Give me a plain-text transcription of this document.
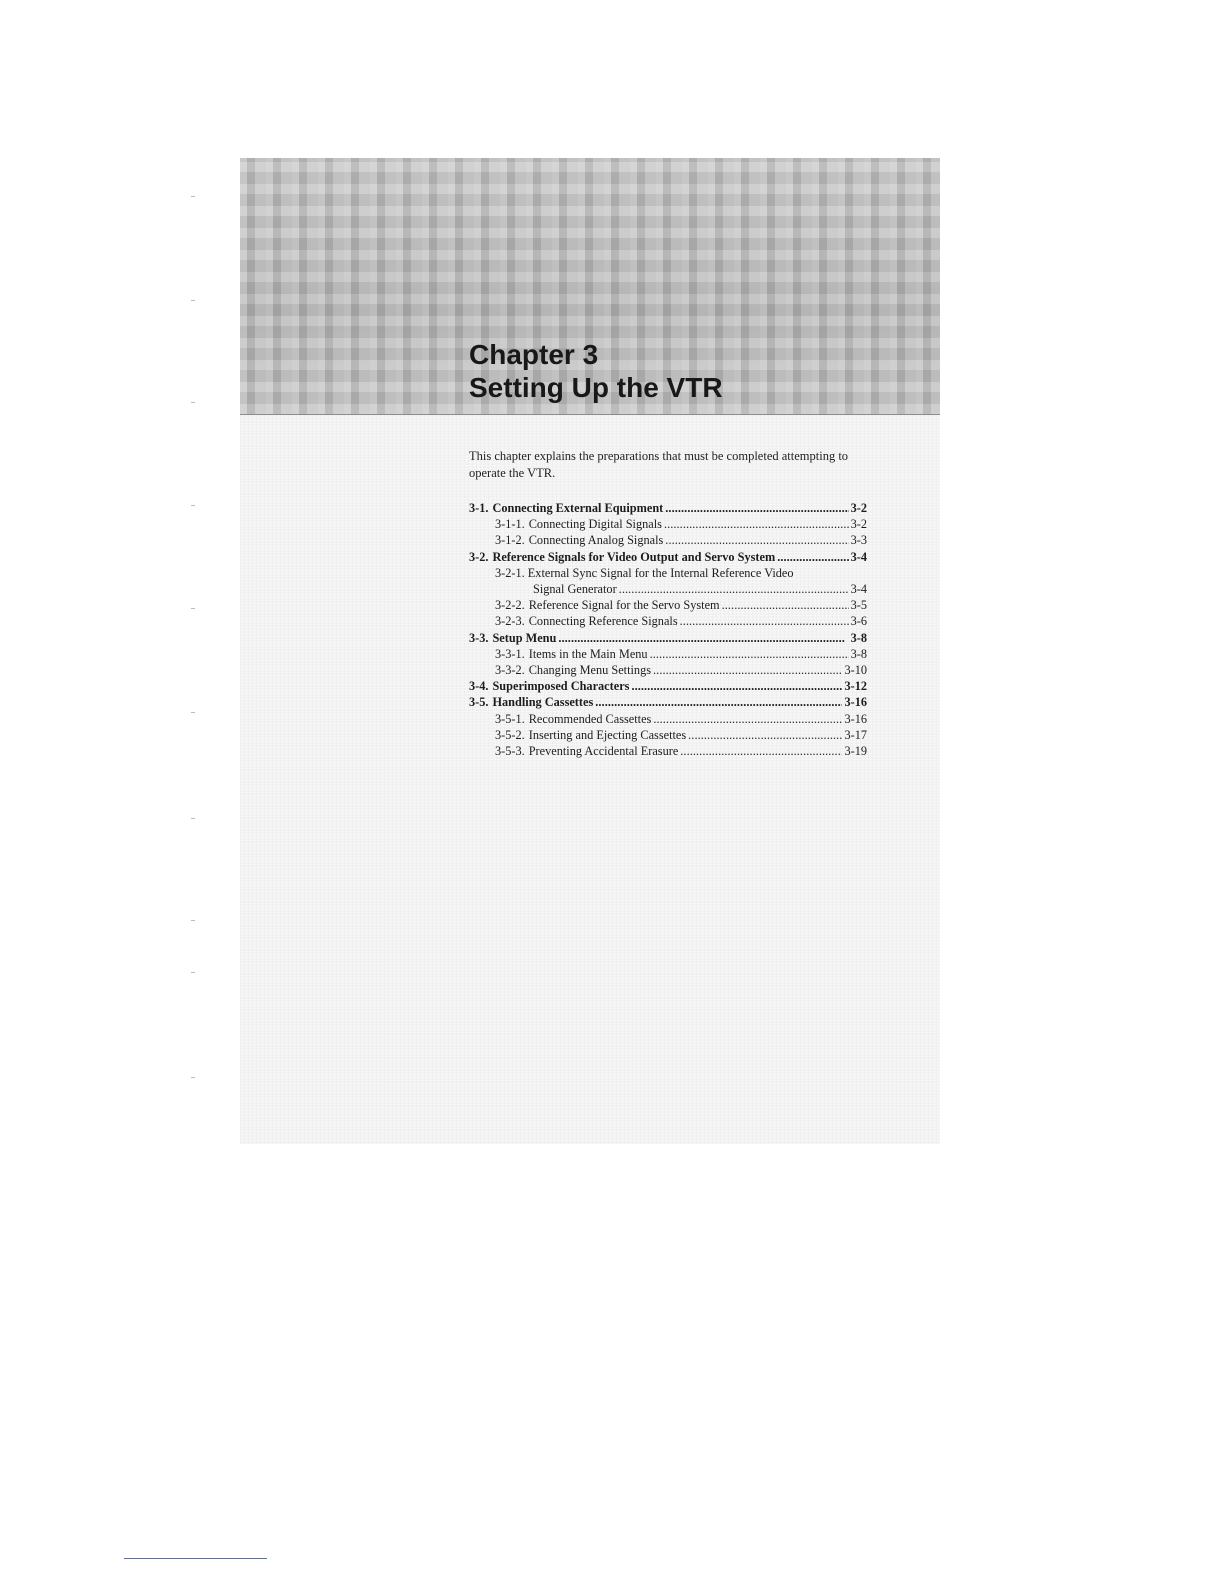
Chapter 3
Setting Up the VTR

This chapter explains the preparations that must be completed attempting to operate the VTR.

3-1. Connecting External Equipment . . .	3-2
3-1-1. Connecting Digital Signals . . .	3-2
3-1-2. Connecting Analog Signals . . .	3-3
3-2. Reference Signals for Video Output and Servo System . . .	3-4
3-2-1. External Sync Signal for the Internal Reference Video
Signal Generator . . .	3-4
3-2-2. Reference Signal for the Servo System . . .	3-5
3-2-3. Connecting Reference Signals . . .	3-6
3-3. Setup Menu . . .	3-8
3-3-1. Items in the Main Menu . . .	3-8
3-3-2. Changing Menu Settings . . .	3-10
3-4. Superimposed Characters . . .	3-12
3-5. Handling Cassettes . . .	3-16
3-5-1. Recommended Cassettes . . .	3-16
3-5-2. Inserting and Ejecting Cassettes . . .	3-17
3-5-3. Preventing Accidental Erasure . . .	3-19
